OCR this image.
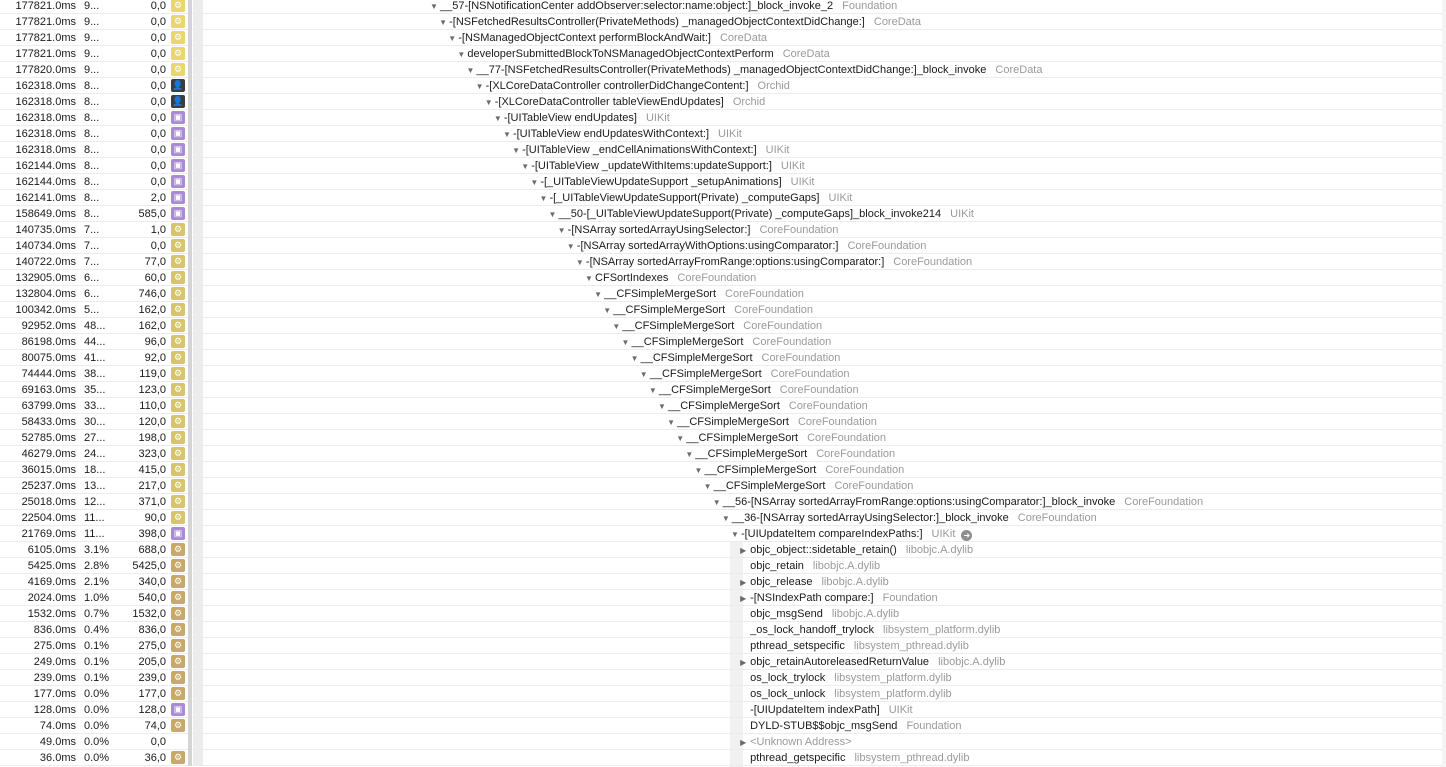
177821.0ms 9...	0,0 ⚙	▼ __57-[NSNotificationCenter addObserver:selector:name:object:]_block_invoke_2 Foundation
177821.0ms 9...	0,0 ⚙	▼ -[NSFetchedResultsController(PrivateMethods) _managedObjectContextDidChange:] CoreData
177821.0ms 9...	0,0 ⚙	▼ -[NSManagedObjectContext performBlockAndWait:] CoreData
177821.0ms 9...	0,0 ⚙	▼ developerSubmittedBlockToNSManagedObjectContextPerform CoreData
177820.0ms 9...	0,0 ⚙	▼ __77-[NSFetchedResultsController(PrivateMethods) _managedObjectContextDidChange:]_block_invoke CoreData
162318.0ms 8...	0,0 👤	▼ -[XLCoreDataController controllerDidChangeContent:] Orchid
162318.0ms 8...	0,0 👤	▼ -[XLCoreDataController tableViewEndUpdates] Orchid
162318.0ms 8...	0,0 ▣	▼ -[UITableView endUpdates] UIKit
162318.0ms 8...	0,0 ▣	▼ -[UITableView endUpdatesWithContext:] UIKit
162318.0ms 8...	0,0 ▣	▼ -[UITableView _endCellAnimationsWithContext:] UIKit
162144.0ms 8...	0,0 ▣	▼ -[UITableView _updateWithItems:updateSupport:] UIKit
162144.0ms 8...	0,0 ▣	▼ -[_UITableViewUpdateSupport _setupAnimations] UIKit
162141.0ms 8...	2,0 ▣	▼ -[_UITableViewUpdateSupport(Private) _computeGaps] UIKit
158649.0ms 8...	585,0 ▣	▼ __50-[_UITableViewUpdateSupport(Private) _computeGaps]_block_invoke214 UIKit
140735.0ms 7...	1,0 ⚙	▼ -[NSArray sortedArrayUsingSelector:] CoreFoundation
140734.0ms 7...	0,0 ⚙	▼ -[NSArray sortedArrayWithOptions:usingComparator:] CoreFoundation
140722.0ms 7...	77,0 ⚙	▼ -[NSArray sortedArrayFromRange:options:usingComparator:] CoreFoundation
132905.0ms 6...	60,0 ⚙	▼ CFSortIndexes CoreFoundation
132804.0ms 6...	746,0 ⚙	▼ __CFSimpleMergeSort CoreFoundation
100342.0ms 5...	162,0 ⚙	▼ __CFSimpleMergeSort CoreFoundation
92952.0ms 48...	162,0 ⚙	▼ __CFSimpleMergeSort CoreFoundation
86198.0ms 44...	96,0 ⚙	▼ __CFSimpleMergeSort CoreFoundation
80075.0ms 41...	92,0 ⚙	▼ __CFSimpleMergeSort CoreFoundation
74444.0ms 38...	119,0 ⚙	▼ __CFSimpleMergeSort CoreFoundation
69163.0ms 35...	123,0 ⚙	▼ __CFSimpleMergeSort CoreFoundation
63799.0ms 33...	110,0 ⚙	▼ __CFSimpleMergeSort CoreFoundation
58433.0ms 30...	120,0 ⚙	▼ __CFSimpleMergeSort CoreFoundation
52785.0ms 27...	198,0 ⚙	▼ __CFSimpleMergeSort CoreFoundation
46279.0ms 24...	323,0 ⚙	▼ __CFSimpleMergeSort CoreFoundation
36015.0ms 18...	415,0 ⚙	▼ __CFSimpleMergeSort CoreFoundation
25237.0ms 13...	217,0 ⚙	▼ __CFSimpleMergeSort CoreFoundation
25018.0ms 12...	371,0 ⚙	▼ __56-[NSArray sortedArrayFromRange:options:usingComparator:]_block_invoke CoreFoundation
22504.0ms 11...	90,0 ⚙	▼ __36-[NSArray sortedArrayUsingSelector:]_block_invoke CoreFoundation
21769.0ms 11...	398,0 ▣	▼ -[UIUpdateItem compareIndexPaths:] UIKit ➜
6105.0ms 3.1%	688,0 ⚙	▶ objc_object::sidetable_retain() libobjc.A.dylib
5425.0ms 2.8%	5425,0 ⚙	objc_retain libobjc.A.dylib
4169.0ms 2.1%	340,0 ⚙	▶ objc_release libobjc.A.dylib
2024.0ms 1.0%	540,0 ⚙	▶ -[NSIndexPath compare:] Foundation
1532.0ms 0.7%	1532,0 ⚙	objc_msgSend libobjc.A.dylib
836.0ms 0.4%	836,0 ⚙	_os_lock_handoff_trylock libsystem_platform.dylib
275.0ms 0.1%	275,0 ⚙	pthread_setspecific libsystem_pthread.dylib
249.0ms 0.1%	205,0 ⚙	▶ objc_retainAutoreleasedReturnValue libobjc.A.dylib
239.0ms 0.1%	239,0 ⚙	os_lock_trylock libsystem_platform.dylib
177.0ms 0.0%	177,0 ⚙	os_lock_unlock libsystem_platform.dylib
128.0ms 0.0%	128,0 ▣	-[UIUpdateItem indexPath] UIKit
74.0ms 0.0%	74,0 ⚙	DYLD-STUB$$objc_msgSend Foundation
49.0ms 0.0%	0,0	▶ <Unknown Address>
36.0ms 0.0%	36,0 ⚙	pthread_getspecific libsystem_pthread.dylib
